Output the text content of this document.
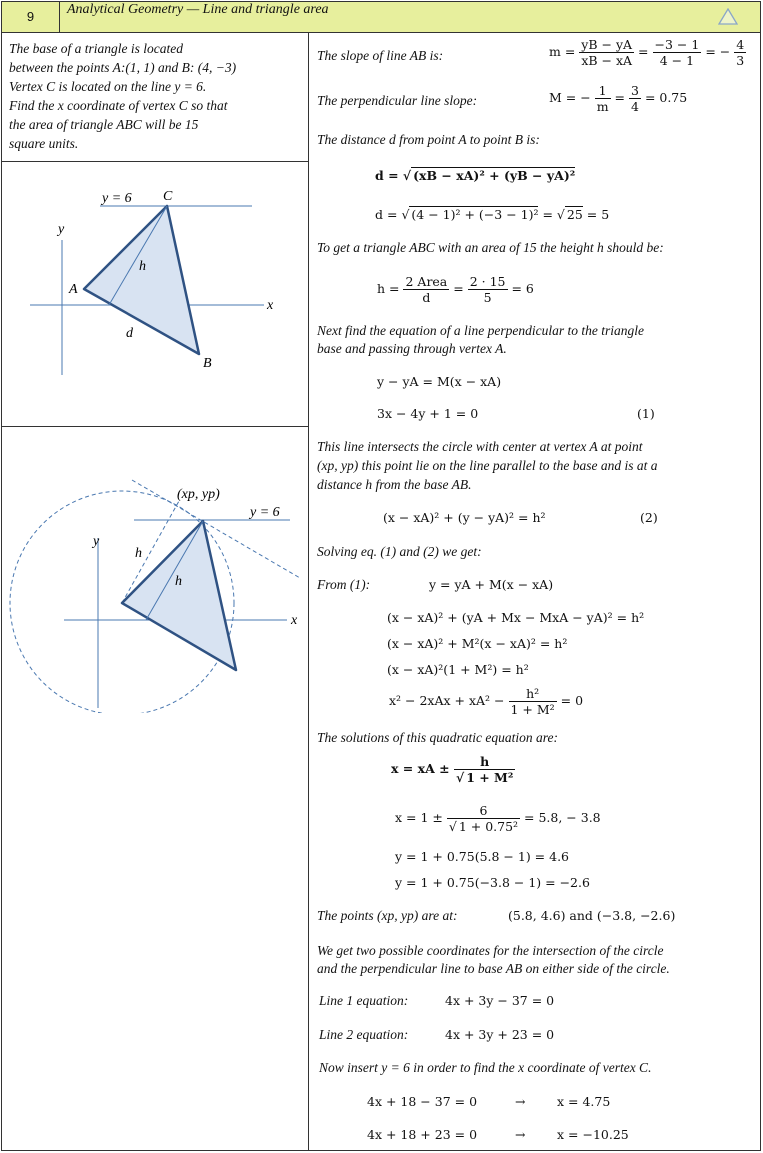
9	Analytical Geometry — Line and triangle area
The base of a triangle is located
between the points A:(1, 1) and B: (4, −3)
Vertex C is located on the line y = 6.
Find the x coordinate of vertex C so that
the area of triangle ABC will be 15
square units.
y = 6 C
y
h
A
x
d
B
(xp, yp)
y = 6
y
h
h
x
The slope of line AB is:	$m = \frac{yB - yA}{xB - xA} = \frac{-3 - 1}{4 - 1}$ = − $\frac{4}{3}$
The perpendicular line slope:	M = − $\frac{1}{m} = \frac{3}{4} = 0.75$
The distance d from point A to point B is:
d = √ (xB − xA)² + (yB − yA)²
d = √ (4 − 1)² + (−3 − 1)² = √ 25 = 5
To get a triangle ABC with an area of 15 the height h should be:
h = 2 Area
d
= $\frac{2 \cdot 15}{5} = 6$
Next find the equation of a line perpendicular to the triangle
base and passing through vertex A.
y − yA = M(x − xA)
3x − 4y + 1 = 0	(1)
This line intersects the circle with center at vertex A at point
(xp, yp) this point lie on the line parallel to the base and is at a
distance h from the base AB.
(x − xA)² + (y − yA)² = h²	(2)
Solving eq. (1) and (2) we get:
From (1):	y = yA + M(x − xA)
(x − xA)² + (yA + Mx − MxA − yA)² = h²
(x − xA)² + M²(x − xA)² = h²
(x − xA)²(1 + M²) = h²
$x^2 - 2xAx + xA^2 - \frac{\text{h²}}{\text{1 + M²}} = 0$
The solutions of this quadratic equation are:
x = xA ± $\frac{h}{\text{√ 1 + M²}}$
$x = 1 \pm \frac{6}{\text{√ 1 + 0.75²}} = 5.8$, − 3.8
y = 1 + 0.75(5.8 − 1) = 4.6
y = 1 + 0.75(−3.8 − 1) = −2.6
The points (xp, yp) are at:	(5.8, 4.6) and (−3.8, −2.6)
We get two possible coordinates for the intersection of the circle
and the perpendicular line to base AB on either side of the circle.
Line 1 equation:	4x + 3y − 37 = 0
Line 2 equation:	4x + 3y + 23 = 0
Now insert y = 6 in order to find the x coordinate of vertex C.
4x + 18 − 37 = 0	→	x = 4.75
4x + 18 + 23 = 0	→	x = −10.25
